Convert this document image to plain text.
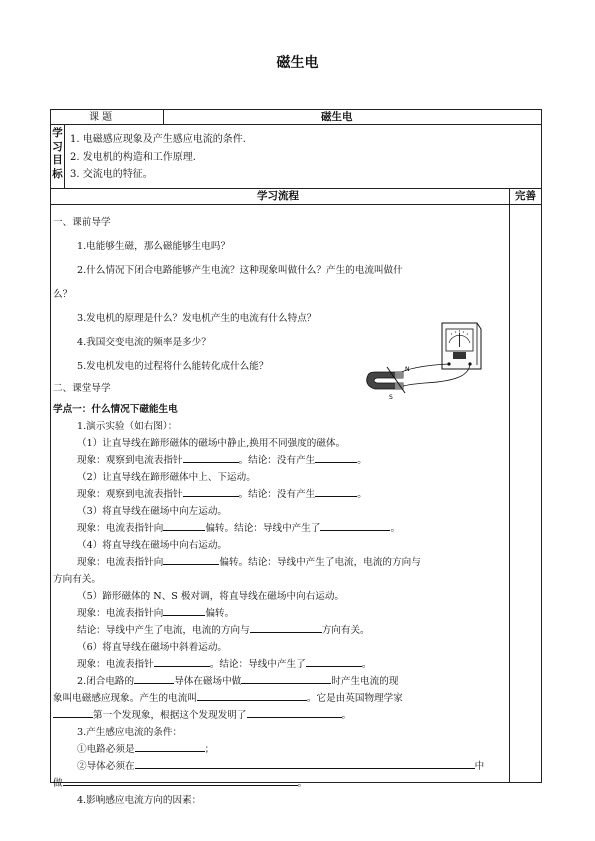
磁生电
课 题	磁生电
学
习
目
标
1. 电磁感应现象及产生感应电流的条件.
2. 发电机的构造和工作原理.
3. 交流电的特征。
学习流程	完善
一、课前导学
1.电能够生磁，那么磁能够生电吗？
2.什么情况下闭合电路能够产生电流？这种现象叫做什么？产生的电流叫做什
么？
3.发电机的原理是什么？发电机产生的电流有什么特点？
4.我国交变电流的频率是多少？
5.发电机发电的过程将什么能转化成什么能？
二、课堂导学
学点一：什么情况下磁能生电
1.演示实验（如右图）：
（1）让直导线在蹄形磁体的磁场中静止,换用不同强度的磁体。
现象：观察到电流表指针	。结论：没有产生	。
（2）让直导线在蹄形磁体中上、下运动。
现象：观察到电流表指针	。结论：没有产生	。
（3）将直导线在磁场中向左运动。
现象：电流表指针向	偏转。结论：导线中产生了	。
（4）将直导线在磁场中向右运动。
现象：电流表指针向	偏转。结论：导线中产生了电流，电流的方向与
方向有关。
（5）蹄形磁体的 N、S 极对调，将直导线在磁场中向右运动。
现象：电流表指针向	偏转。
结论：导线中产生了电流，电流的方向与	方向有关。
（6）将直导线在磁场中斜着运动。
现象：电流表指针	。结论：导线中产生了	。
2.闭合电路的	导体在磁场中做	时产生电流的现
象叫电磁感应现象。产生的电流叫	。它是由英国物理学家
第一个发现象，根据这个发现发明了	。
3.产生感应电流的条件：
①电路必须是	；
②导体必须在	中
做	。
4.影响感应电流方向的因素：
N
S
